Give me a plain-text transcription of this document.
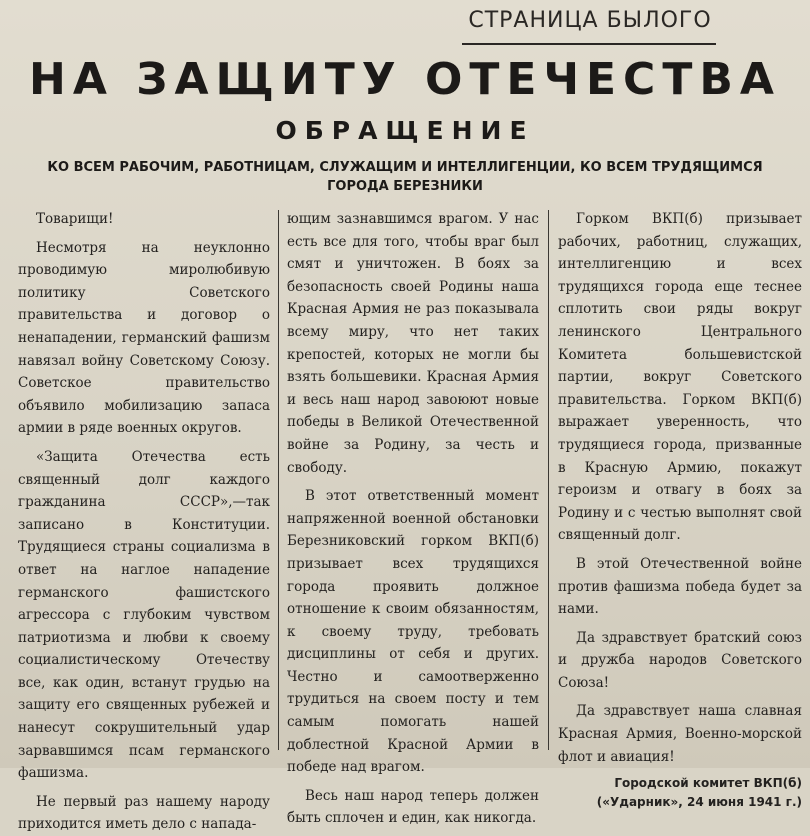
СТРАНИЦА БЫЛОГО
НА ЗАЩИТУ ОТЕЧЕСТВА
ОБРАЩЕНИЕ
КО ВСЕМ РАБОЧИМ, РАБОТНИЦАМ, СЛУЖАЩИМ И ИНТЕЛЛИГЕНЦИИ, КО ВСЕМ ТРУДЯЩИМСЯ ГОРОДА БЕРЕЗНИКИ

Товарищи!

Несмотря на неуклонно проводимую миролюбивую политику Советского правительства и договор о ненападении, германский фашизм навязал войну Советскому Союзу. Советское правительство объявило мобилизацию запаса армии в ряде военных округов.

«Защита Отечества есть священный долг каждого гражданина СССР»,—так записано в Конституции. Трудящиеся страны социализма в ответ на наглое нападение германского фашистского агрессора с глубоким чувством патриотизма и любви к своему социалистическому Отечеству все, как один, встанут грудью на защиту его священных рубежей и нанесут сокрушительный удар зарвавшимся псам германского фашизма.

Не первый раз нашему народу приходится иметь дело с напада-

ющим зазнавшимся врагом. У нас есть все для того, чтобы враг был смят и уничтожен. В боях за безопасность своей Родины наша Красная Армия не раз показывала всему миру, что нет таких крепостей, которых не могли бы взять большевики. Красная Армия и весь наш народ завоюют новые победы в Великой Отечественной войне за Родину, за честь и свободу.

В этот ответственный момент напряженной военной обстановки Березниковский горком ВКП(б) призывает всех трудящихся города проявить должное отношение к своим обязанностям, к своему труду, требовать дисциплины от себя и других. Честно и самоотверженно трудиться на своем посту и тем самым помогать нашей доблестной Красной Армии в победе над врагом.

Весь наш народ теперь должен быть сплочен и един, как никогда.

Горком ВКП(б) призывает рабочих, работниц, служащих, интеллигенцию и всех трудящихся города еще теснее сплотить свои ряды вокруг ленинского Центрального Комитета большевистской партии, вокруг Советского правительства. Горком ВКП(б) выражает уверенность, что трудящиеся города, призванные в Красную Армию, покажут героизм и отвагу в боях за Родину и с честью выполнят свой священный долг.

В этой Отечественной войне против фашизма победа будет за нами.

Да здравствует братский союз и дружба народов Советского Союза!

Да здравствует наша славная Красная Армия, Военно-морской флот и авиация!

Городской комитет ВКП(б)
(«Ударник», 24 июня 1941 г.)
